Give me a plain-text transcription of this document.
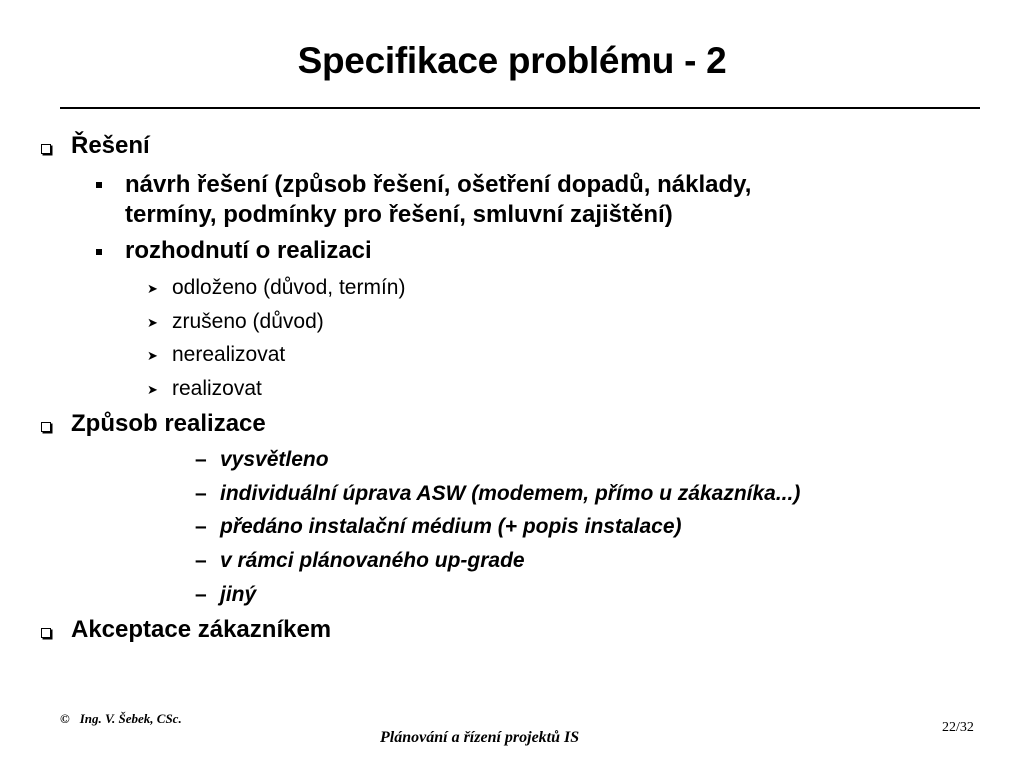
Specifikace problému - 2
Řešení
návrh řešení (způsob řešení, ošetření dopadů, náklady,
termíny, podmínky pro řešení, smluvní zajištění)
rozhodnutí o realizaci
➤ odloženo (důvod, termín)
➤ zrušeno (důvod)
➤ nerealizovat
➤ realizovat
Způsob realizace
– vysvětleno
– individuální úprava ASW (modemem, přímo u zákazníka...)
– předáno instalační médium (+ popis instalace)
– v rámci plánovaného up-grade
– jiný
Akceptace zákazníkem
© Ing. V. Šebek, CSc.
Plánování a řízení projektů IS
22/32
